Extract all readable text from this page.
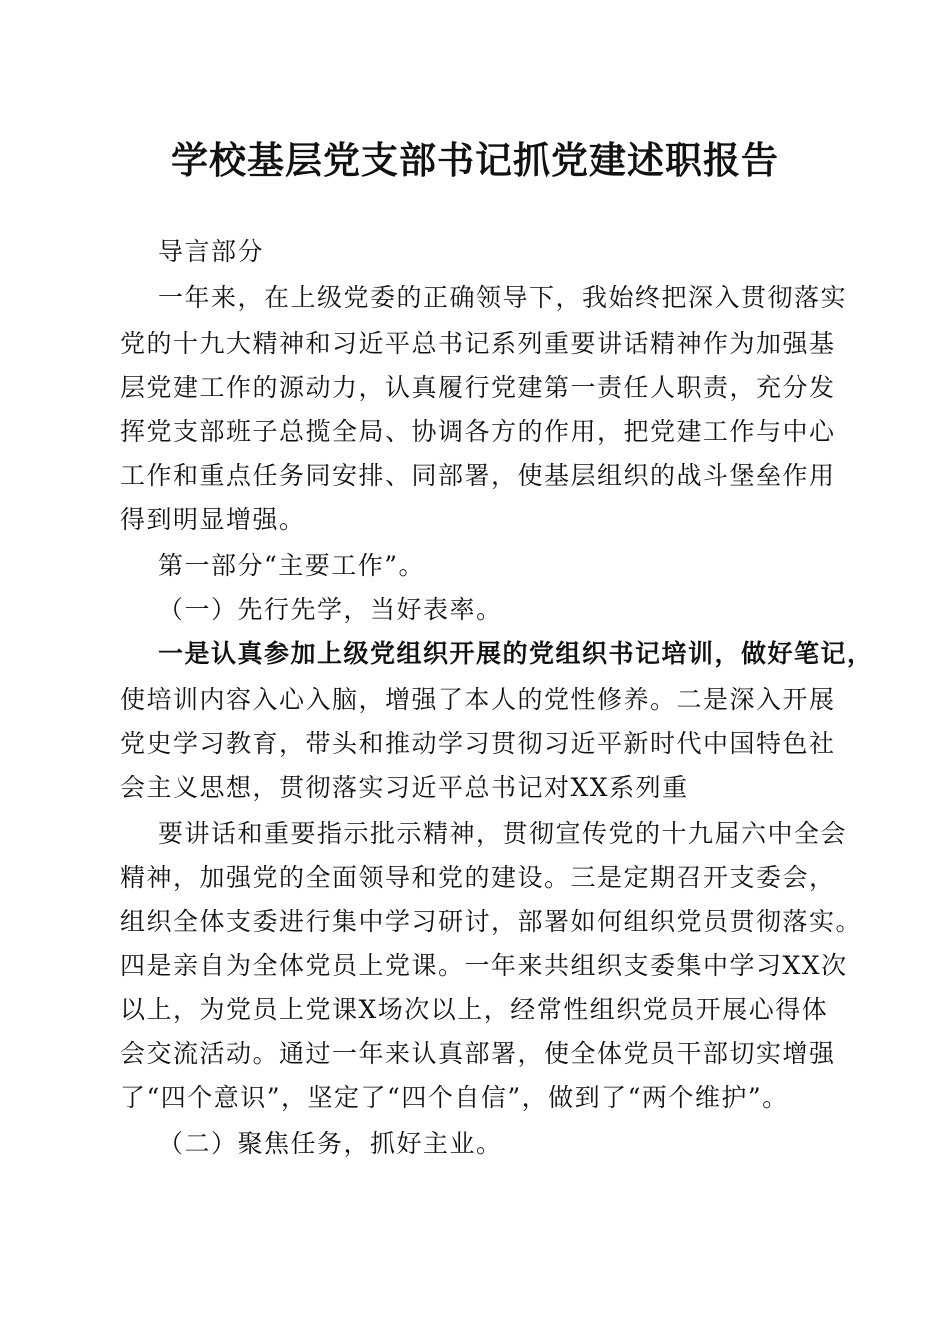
学校基层党支部书记抓党建述职报告
导言部分
一年来，在上级党委的正确领导下，我始终把深入贯彻落实
党的十九大精神和习近平总书记系列重要讲话精神作为加强基
层党建工作的源动力，认真履行党建第一责任人职责，充分发
挥党支部班子总揽全局、协调各方的作用，把党建工作与中心
工作和重点任务同安排、同部署，使基层组织的战斗堡垒作用
得到明显增强。
第一部分“主要工作”。
（一）先行先学，当好表率。
一是认真参加上级党组织开展的党组织书记培训，做好笔记，
使培训内容入心入脑，增强了本人的党性修养。二是深入开展
党史学习教育，带头和推动学习贯彻习近平新时代中国特色社
会主义思想，贯彻落实习近平总书记对XX系列重
要讲话和重要指示批示精神，贯彻宣传党的十九届六中全会
精神，加强党的全面领导和党的建设。三是定期召开支委会，
组织全体支委进行集中学习研讨，部署如何组织党员贯彻落实。
四是亲自为全体党员上党课。一年来共组织支委集中学习XX次
以上，为党员上党课X场次以上，经常性组织党员开展心得体
会交流活动。通过一年来认真部署，使全体党员干部切实增强
了“四个意识”，坚定了“四个自信”，做到了“两个维护”。
（二）聚焦任务，抓好主业。
